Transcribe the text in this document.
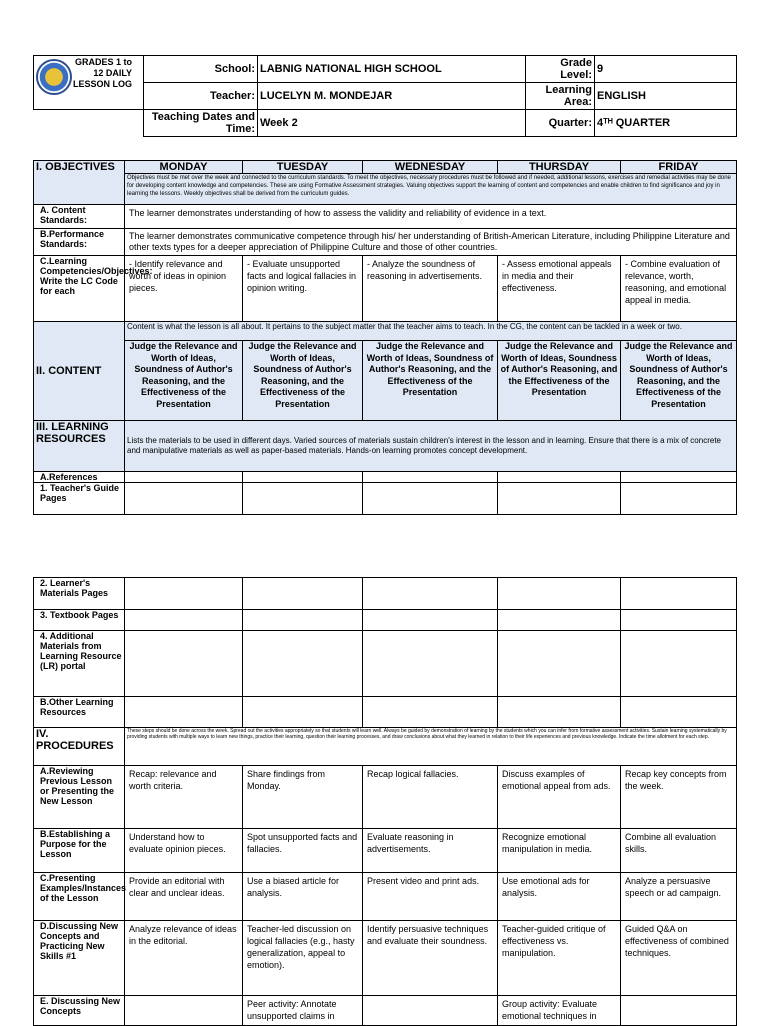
GRADES 1 to 12 DAILY LESSON LOG	School:	LABNIG NATIONAL HIGH SCHOOL	Grade Level:	9
	Teacher:	LUCELYN M. MONDEJAR	Learning Area:	ENGLISH
	Teaching Dates and Time:	Week 2	Quarter:	4ᵀᴴ QUARTER
I. OBJECTIVES	MONDAY	TUESDAY	WEDNESDAY	THURSDAY	FRIDAY
	Objectives must be met over the week and connected to the curriculum standards. To meet the objectives, necessary procedures must be followed and if needed, additional lessons, exercises and remedial activities may be done for developing content knowledge and competencies. These are using Formative Assessment strategies. Valuing objectives support the learning of content and competencies and enable children to find significance and joy in learning the lessons. Weekly objectives shall be derived from the curriculum guides.				
A. Content Standards:	The learner demonstrates understanding of how to assess the validity and reliability of evidence in a text.				
B.Performance Standards:	The learner demonstrates communicative competence through his/ her understanding of British-American Literature, including Philippine Literature and other texts types for a deeper appreciation of Philippine Culture and those of other countries.				
C.Learning Competencies/Objectives: Write the LC Code for each	- Identify relevance and worth of ideas in opinion pieces.	- Evaluate unsupported facts and logical fallacies in opinion writing.	- Analyze the soundness of reasoning in advertisements.	- Assess emotional appeals in media and their effectiveness.	- Combine evaluation of relevance, worth, reasoning, and emotional appeal in media.
II. CONTENT	Content is what the lesson is all about. It pertains to the subject matter that the teacher aims to teach. In the CG, the content can be tackled in a week or two.				
	Judge the Relevance and Worth of Ideas, Soundness of Author's Reasoning, and the Effectiveness of the Presentation	Judge the Relevance and Worth of Ideas, Soundness of Author's Reasoning, and the Effectiveness of the Presentation	Judge the Relevance and Worth of Ideas, Soundness of Author's Reasoning, and the Effectiveness of the Presentation	Judge the Relevance and Worth of Ideas, Soundness of Author's Reasoning, and the Effectiveness of the Presentation	Judge the Relevance and Worth of Ideas, Soundness of Author's Reasoning, and the Effectiveness of the Presentation
III. LEARNING RESOURCES	Lists the materials to be used in different days. Varied sources of materials sustain children's interest in the lesson and in learning. Ensure that there is a mix of concrete and manipulative materials as well as paper-based materials. Hands-on learning promotes concept development.				
A.References					
1. Teacher's Guide Pages					
2. Learner's Materials Pages					
3. Textbook Pages					
4. Additional Materials from Learning Resource (LR) portal					
B.Other Learning Resources					
IV. PROCEDURES	These steps should be done across the week. Spread out the activities appropriately so that students will learn well. Always be guided by demonstration of learning by the students which you can infer from formative assessment activities. Sustain learning systematically by providing students with multiple ways to learn new things, practice their learning, question their learning processes, and draw conclusions about what they learned in relation to their life experiences and previous knowledge. Indicate the time allotment for each step.				
A.Reviewing Previous Lesson or Presenting the New Lesson	Recap: relevance and worth criteria.	Share findings from Monday.	Recap logical fallacies.	Discuss examples of emotional appeal from ads.	Recap key concepts from the week.
B.Establishing a Purpose for the Lesson	Understand how to evaluate opinion pieces.	Spot unsupported facts and fallacies.	Evaluate reasoning in advertisements.	Recognize emotional manipulation in media.	Combine all evaluation skills.
C.Presenting Examples/Instances of the Lesson	Provide an editorial with clear and unclear ideas.	Use a biased article for analysis.	Present video and print ads.	Use emotional ads for analysis.	Analyze a persuasive speech or ad campaign.
D.Discussing New Concepts and Practicing New Skills #1	Analyze relevance of ideas in the editorial.	Teacher-led discussion on logical fallacies (e.g., hasty generalization, appeal to emotion).	Identify persuasive techniques and evaluate their soundness.	Teacher-guided critique of effectiveness vs. manipulation.	Guided Q&A on effectiveness of combined techniques.
E. Discussing New Concepts		Peer activity: Annotate unsupported claims in		Group activity: Evaluate emotional techniques in	
